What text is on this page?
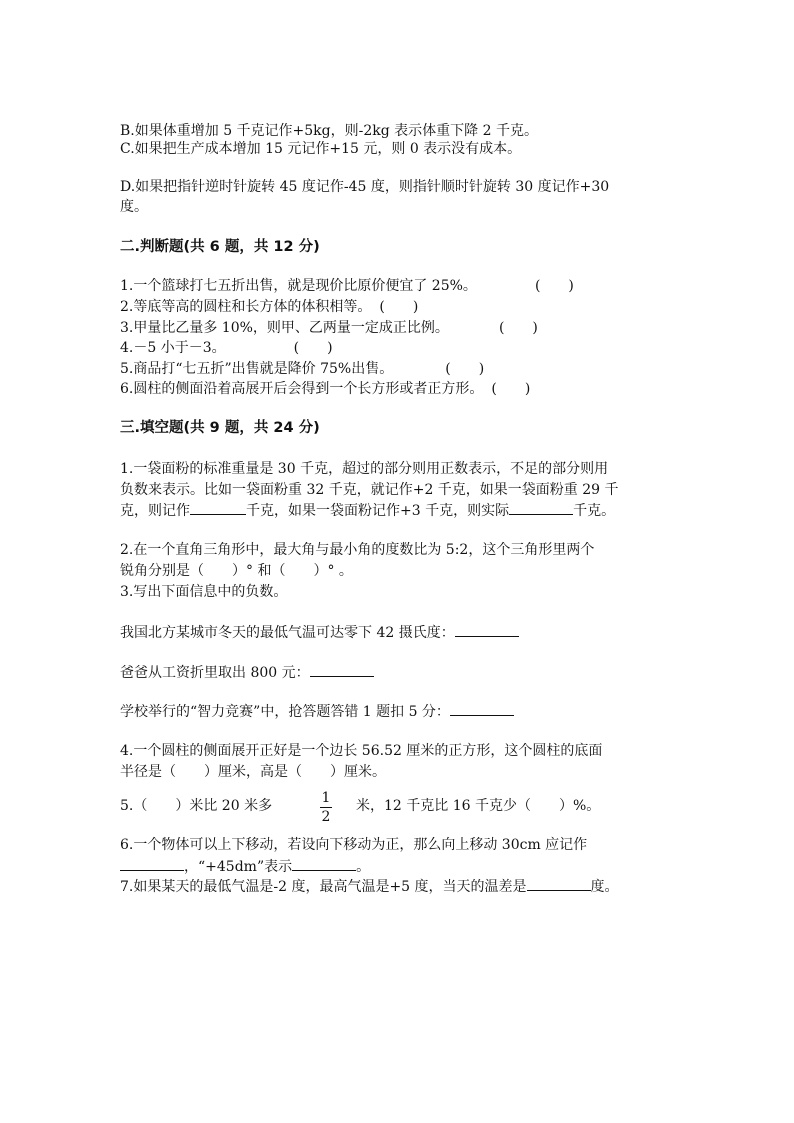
B.如果体重增加 5 千克记作+5kg，则-2kg 表示体重下降 2 千克。
C.如果把生产成本增加 15 元记作+15 元，则 0 表示没有成本。
D.如果把指针逆时针旋转 45 度记作-45 度，则指针顺时针旋转 30 度记作+30
度。
二.判断题(共 6 题，共 12 分)
1.一个篮球打七五折出售，就是现价比原价便宜了 25%。	(　　)
2.等底等高的圆柱和长方体的体积相等。 (　　)
3.甲量比乙量多 10%，则甲、乙两量一定成正比例。	(　　)
4.－5 小于－3。	(　　)
5.商品打“七五折”出售就是降价 75%出售。	(　　)
6.圆柱的侧面沿着高展开后会得到一个长方形或者正方形。 (　　)
三.填空题(共 9 题，共 24 分)
1.一袋面粉的标准重量是 30 千克，超过的部分则用正数表示，不足的部分则用
负数来表示。比如一袋面粉重 32 千克，就记作+2 千克，如果一袋面粉重 29 千
克，则记作	千克，如果一袋面粉记作+3 千克，则实际	千克。
2.在一个直角三角形中，最大角与最小角的度数比为 5:2，这个三角形里两个
锐角分别是（　　）° 和（　　）° 。
3.写出下面信息中的负数。
我国北方某城市冬天的最低气温可达零下 42 摄氏度：
爸爸从工资折里取出 800 元：
学校举行的“智力竞赛”中，抢答题答错 1 题扣 5 分：
4.一个圆柱的侧面展开正好是一个边长 56.52 厘米的正方形，这个圆柱的底面
半径是（　　）厘米，高是（　　）厘米。
5.（　　）米比 20 米多	1
2
米，12 千克比 16 千克少（　　）%。
6.一个物体可以上下移动，若设向下移动为正，那么向上移动 30cm 应记作
，“+45dm”表示	。
7.如果某天的最低气温是-2 度，最高气温是+5 度，当天的温差是	度。
